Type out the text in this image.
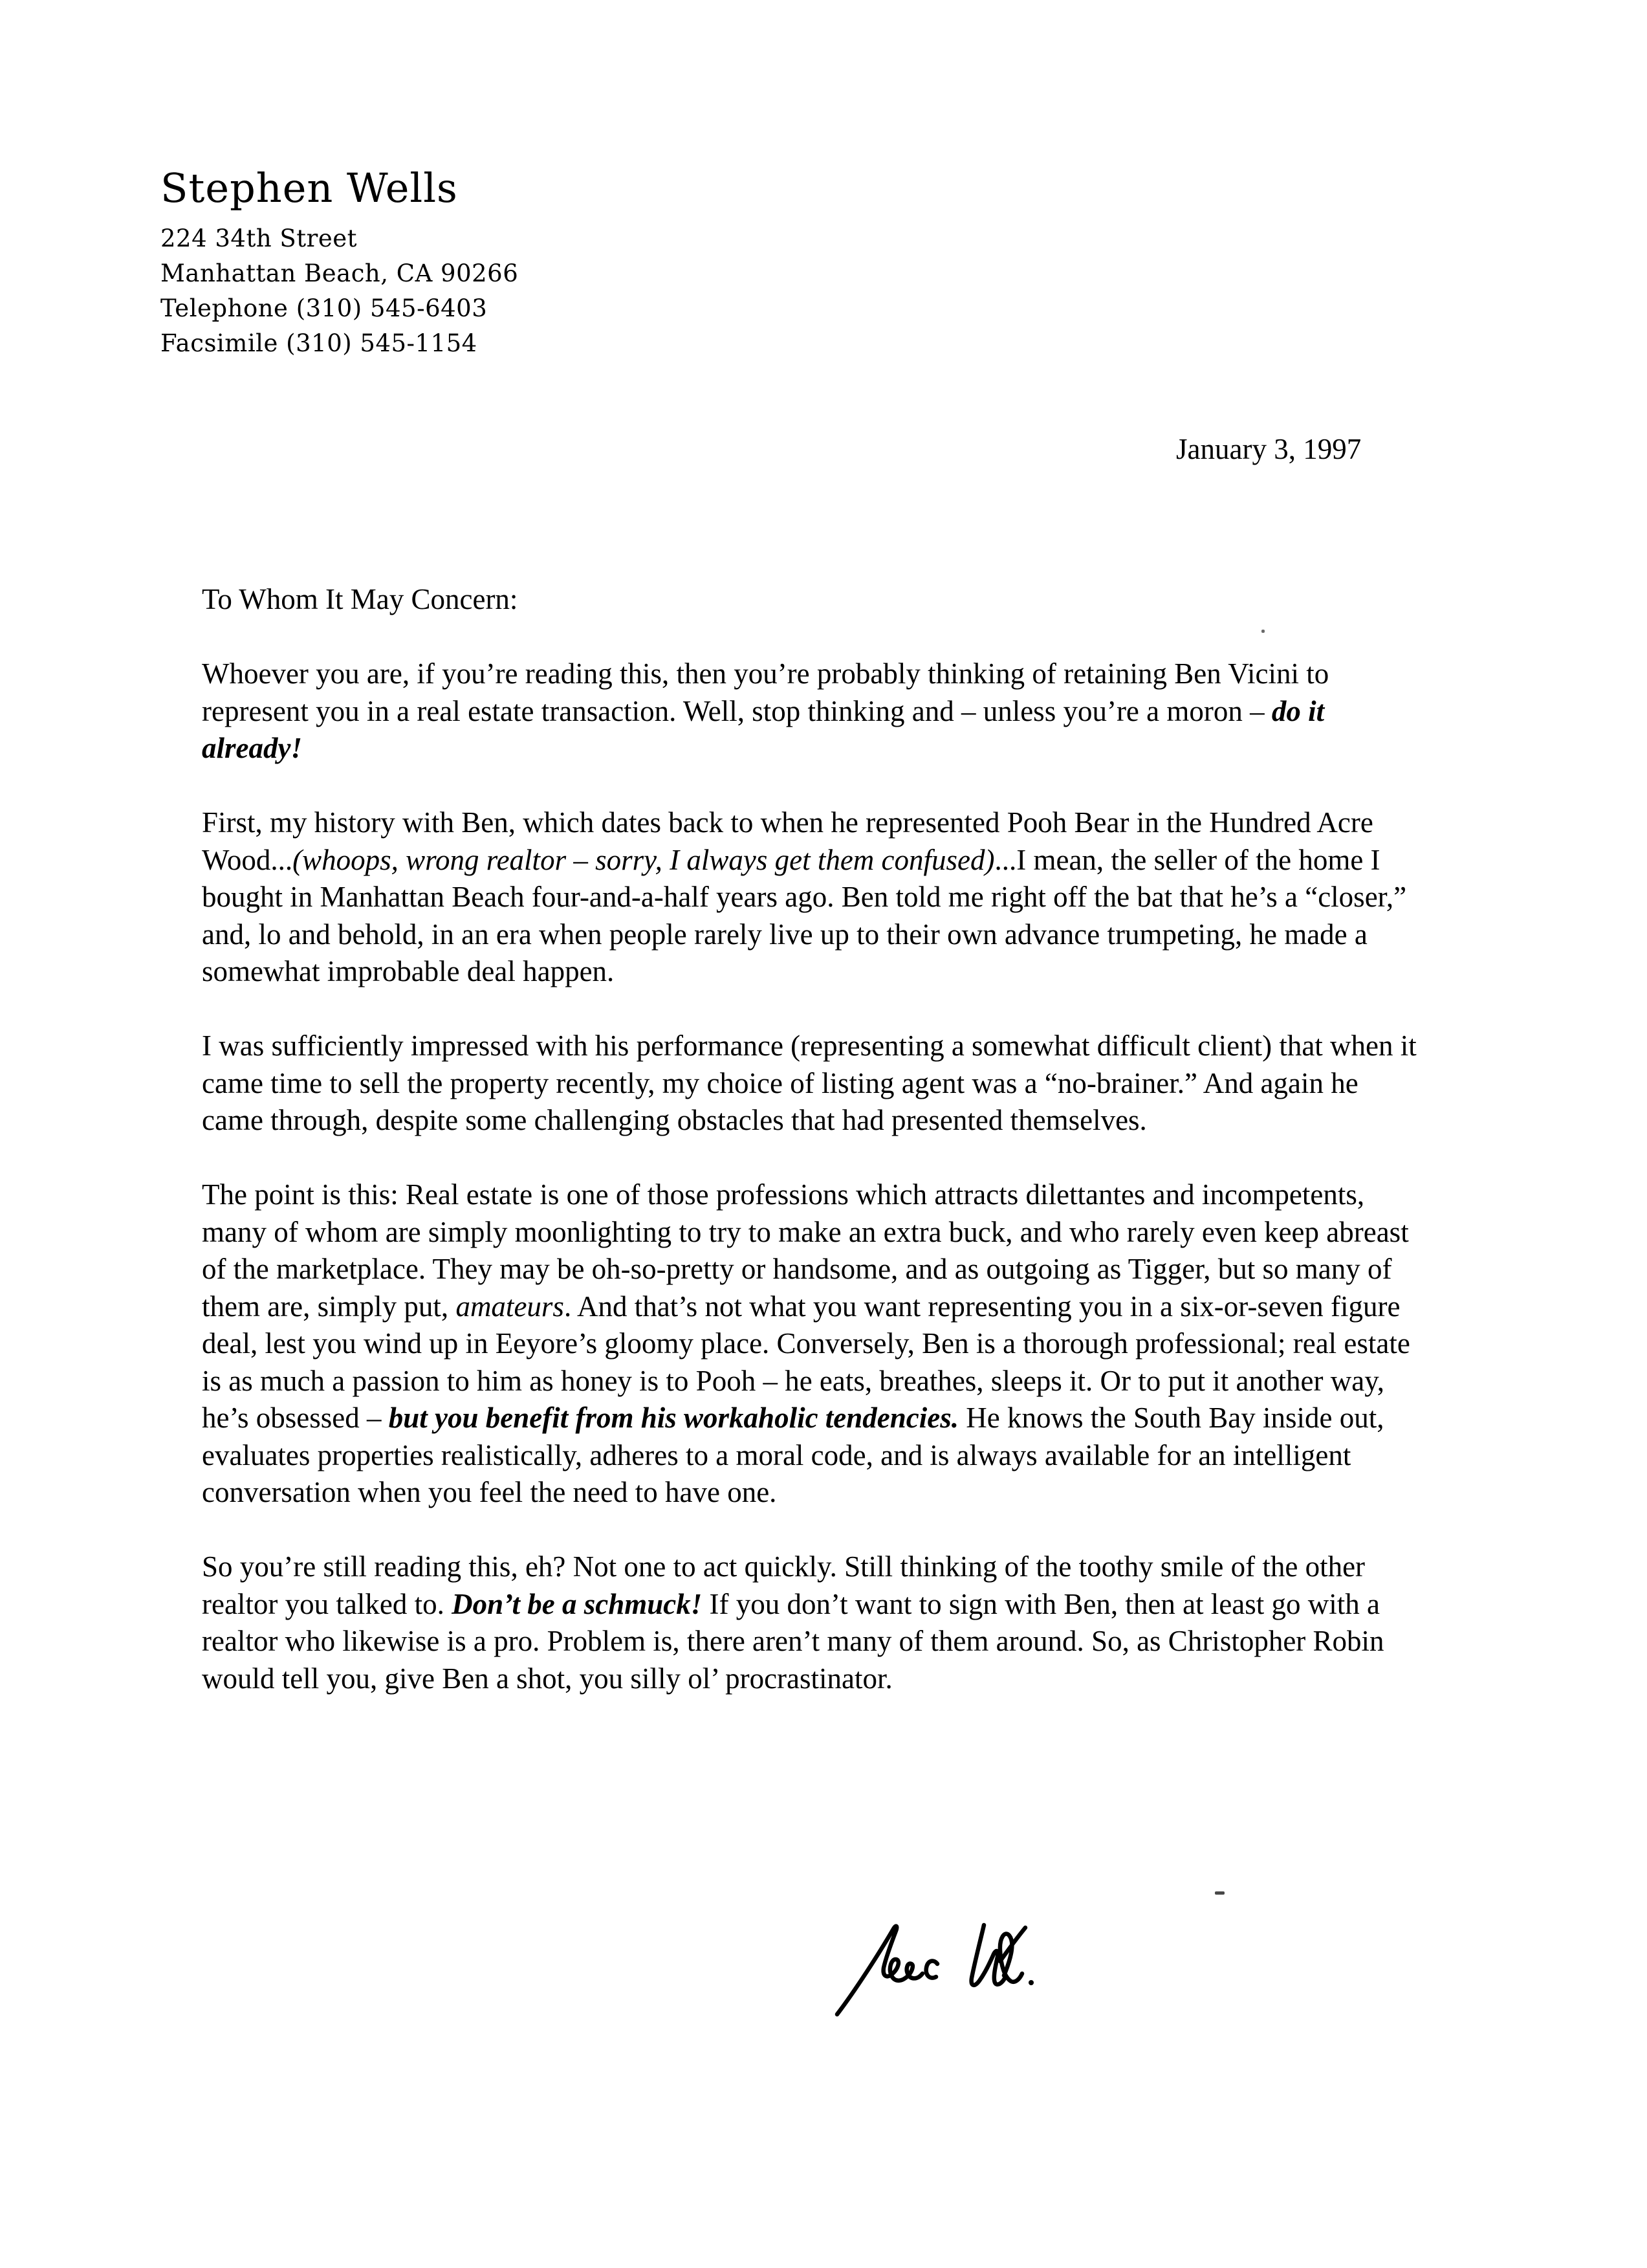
Stephen Wells
224 34th Street
Manhattan Beach, CA 90266
Telephone (310) 545-6403
Facsimile (310) 545-1154
January 3, 1997

To Whom It May Concern:

Whoever you are, if you’re reading this, then you’re probably thinking of retaining Ben Vicini to represent you in a real estate transaction. Well, stop thinking and – unless you’re a moron – do it already!

First, my history with Ben, which dates back to when he represented Pooh Bear in the Hundred Acre Wood...(whoops, wrong realtor – sorry, I always get them confused)...I mean, the seller of the home I bought in Manhattan Beach four-and-a-half years ago. Ben told me right off the bat that he’s a “closer,” and, lo and behold, in an era when people rarely live up to their own advance trumpeting, he made a somewhat improbable deal happen.

I was sufficiently impressed with his performance (representing a somewhat difficult client) that when it came time to sell the property recently, my choice of listing agent was a “no-brainer.” And again he came through, despite some challenging obstacles that had presented themselves.

The point is this: Real estate is one of those professions which attracts dilettantes and incompetents, many of whom are simply moonlighting to try to make an extra buck, and who rarely even keep abreast of the marketplace. They may be oh-so-pretty or handsome, and as outgoing as Tigger, but so many of them are, simply put, amateurs. And that’s not what you want representing you in a six-or-seven figure deal, lest you wind up in Eeyore’s gloomy place. Conversely, Ben is a thorough professional; real estate is as much a passion to him as honey is to Pooh – he eats, breathes, sleeps it. Or to put it another way, he’s obsessed – but you benefit from his workaholic tendencies. He knows the South Bay inside out, evaluates properties realistically, adheres to a moral code, and is always available for an intelligent conversation when you feel the need to have one.

So you’re still reading this, eh? Not one to act quickly. Still thinking of the toothy smile of the other realtor you talked to. Don’t be a schmuck! If you don’t want to sign with Ben, then at least go with a realtor who likewise is a pro. Problem is, there aren’t many of them around. So, as Christopher Robin would tell you, give Ben a shot, you silly ol’ procrastinator.
